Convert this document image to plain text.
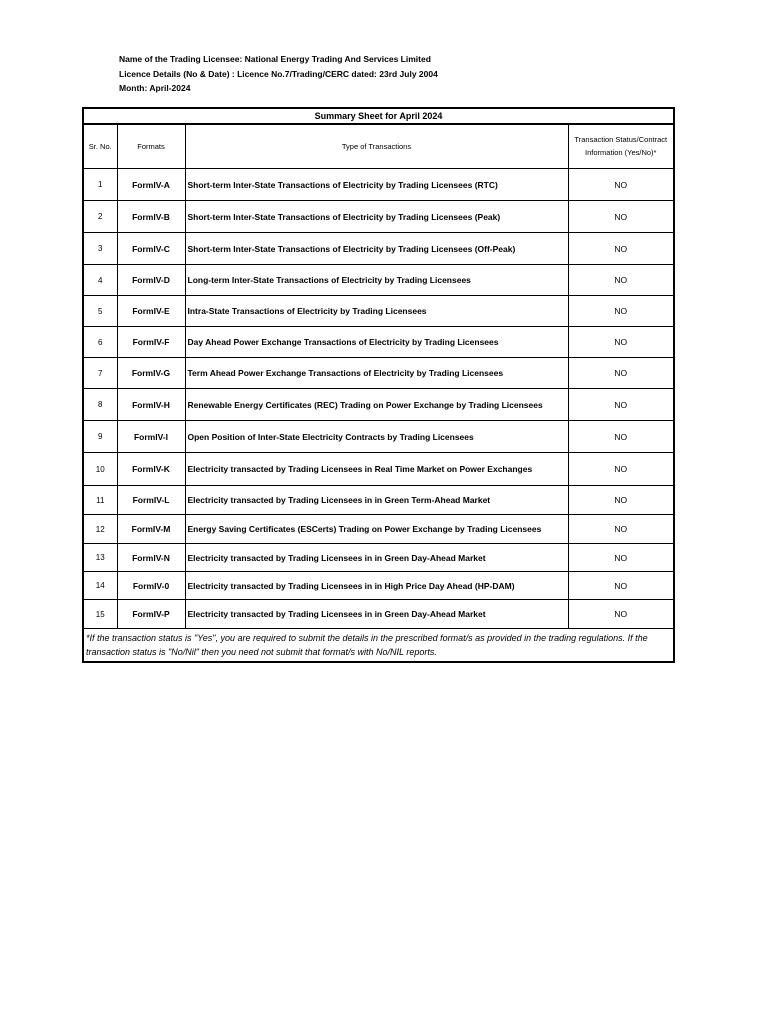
Name of the Trading Licensee: National Energy Trading And Services Limited
Licence Details (No & Date) : Licence No.7/Trading/CERC dated: 23rd July 2004
Month: April-2024
Summary Sheet for April 2024			
Sr. No.	Formats	Type of Transactions	Transaction Status/Contract Information (Yes/No)*
1	FormIV-A	Short-term Inter-State Transactions of Electricity by Trading Licensees (RTC)	NO
2	FormIV-B	Short-term Inter-State Transactions of Electricity by Trading Licensees (Peak)	NO
3	FormIV-C	Short-term Inter-State Transactions of Electricity by Trading Licensees (Off-Peak)	NO
4	FormIV-D	Long-term Inter-State Transactions of Electricity by Trading Licensees	NO
5	FormIV-E	Intra-State Transactions of Electricity by Trading Licensees	NO
6	FormIV-F	Day Ahead Power Exchange Transactions of Electricity by Trading Licensees	NO
7	FormIV-G	Term Ahead Power Exchange Transactions of Electricity by Trading Licensees	NO
8	FormIV-H	Renewable Energy Certificates (REC) Trading on Power Exchange by Trading Licensees	NO
9	FormIV-I	Open Position of Inter-State Electricity Contracts by Trading Licensees	NO
10	FormIV-K	Electricity transacted by Trading Licensees in Real Time Market on Power Exchanges	NO
11	FormIV-L	Electricity transacted by Trading Licensees in in Green Term-Ahead Market	NO
12	FormIV-M	Energy Saving Certificates (ESCerts) Trading on Power Exchange by Trading Licensees	NO
13	FormIV-N	Electricity transacted by Trading Licensees in in Green Day-Ahead Market	NO
14	FormIV-0	Electricity transacted by Trading Licensees in in High Price Day Ahead (HP-DAM)	NO
15	FormIV-P	Electricity transacted by Trading Licensees in in Green Day-Ahead Market	NO
*If the transaction status is "Yes", you are required to submit the details in the prescribed format/s as provided in the trading regulations. If the transaction status is "No/Nil" then you need not submit that format/s with No/NIL reports.			
